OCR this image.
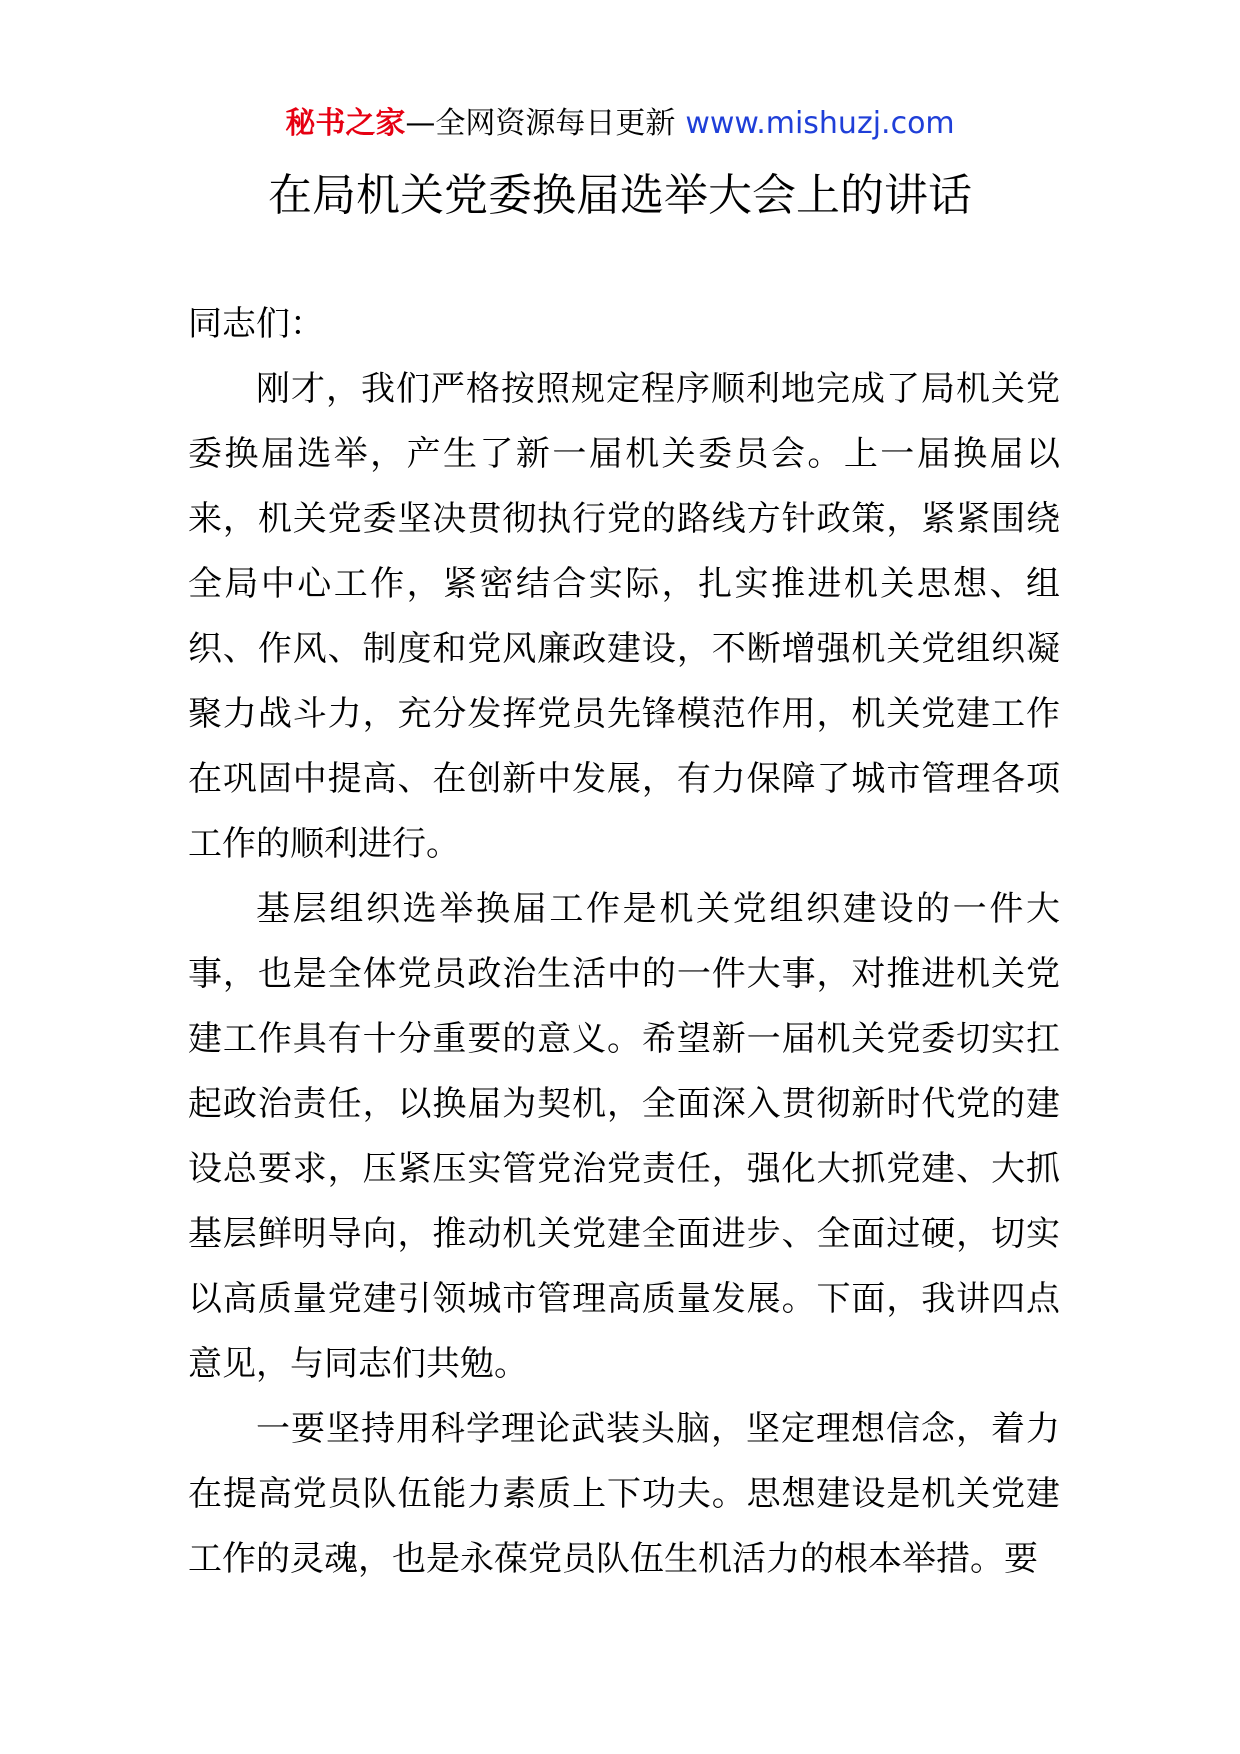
秘书之家—全网资源每日更新 www.mishuzj.com
在局机关党委换届选举大会上的讲话

同志们：

刚才，我们严格按照规定程序顺利地完成了局机关党委换届选举，产生了新一届机关委员会。上一届换届以来，机关党委坚决贯彻执行党的路线方针政策，紧紧围绕全局中心工作，紧密结合实际，扎实推进机关思想、组织、作风、制度和党风廉政建设，不断增强机关党组织凝聚力战斗力，充分发挥党员先锋模范作用，机关党建工作在巩固中提高、在创新中发展，有力保障了城市管理各项工作的顺利进行。

基层组织选举换届工作是机关党组织建设的一件大事，也是全体党员政治生活中的一件大事，对推进机关党建工作具有十分重要的意义。希望新一届机关党委切实扛起政治责任，以换届为契机，全面深入贯彻新时代党的建设总要求，压紧压实管党治党责任，强化大抓党建、大抓基层鲜明导向，推动机关党建全面进步、全面过硬，切实以高质量党建引领城市管理高质量发展。下面，我讲四点意见，与同志们共勉。

一要坚持用科学理论武装头脑，坚定理想信念，着力在提高党员队伍能力素质上下功夫。思想建设是机关党建工作的灵魂，也是永葆党员队伍生机活力的根本举措。要
